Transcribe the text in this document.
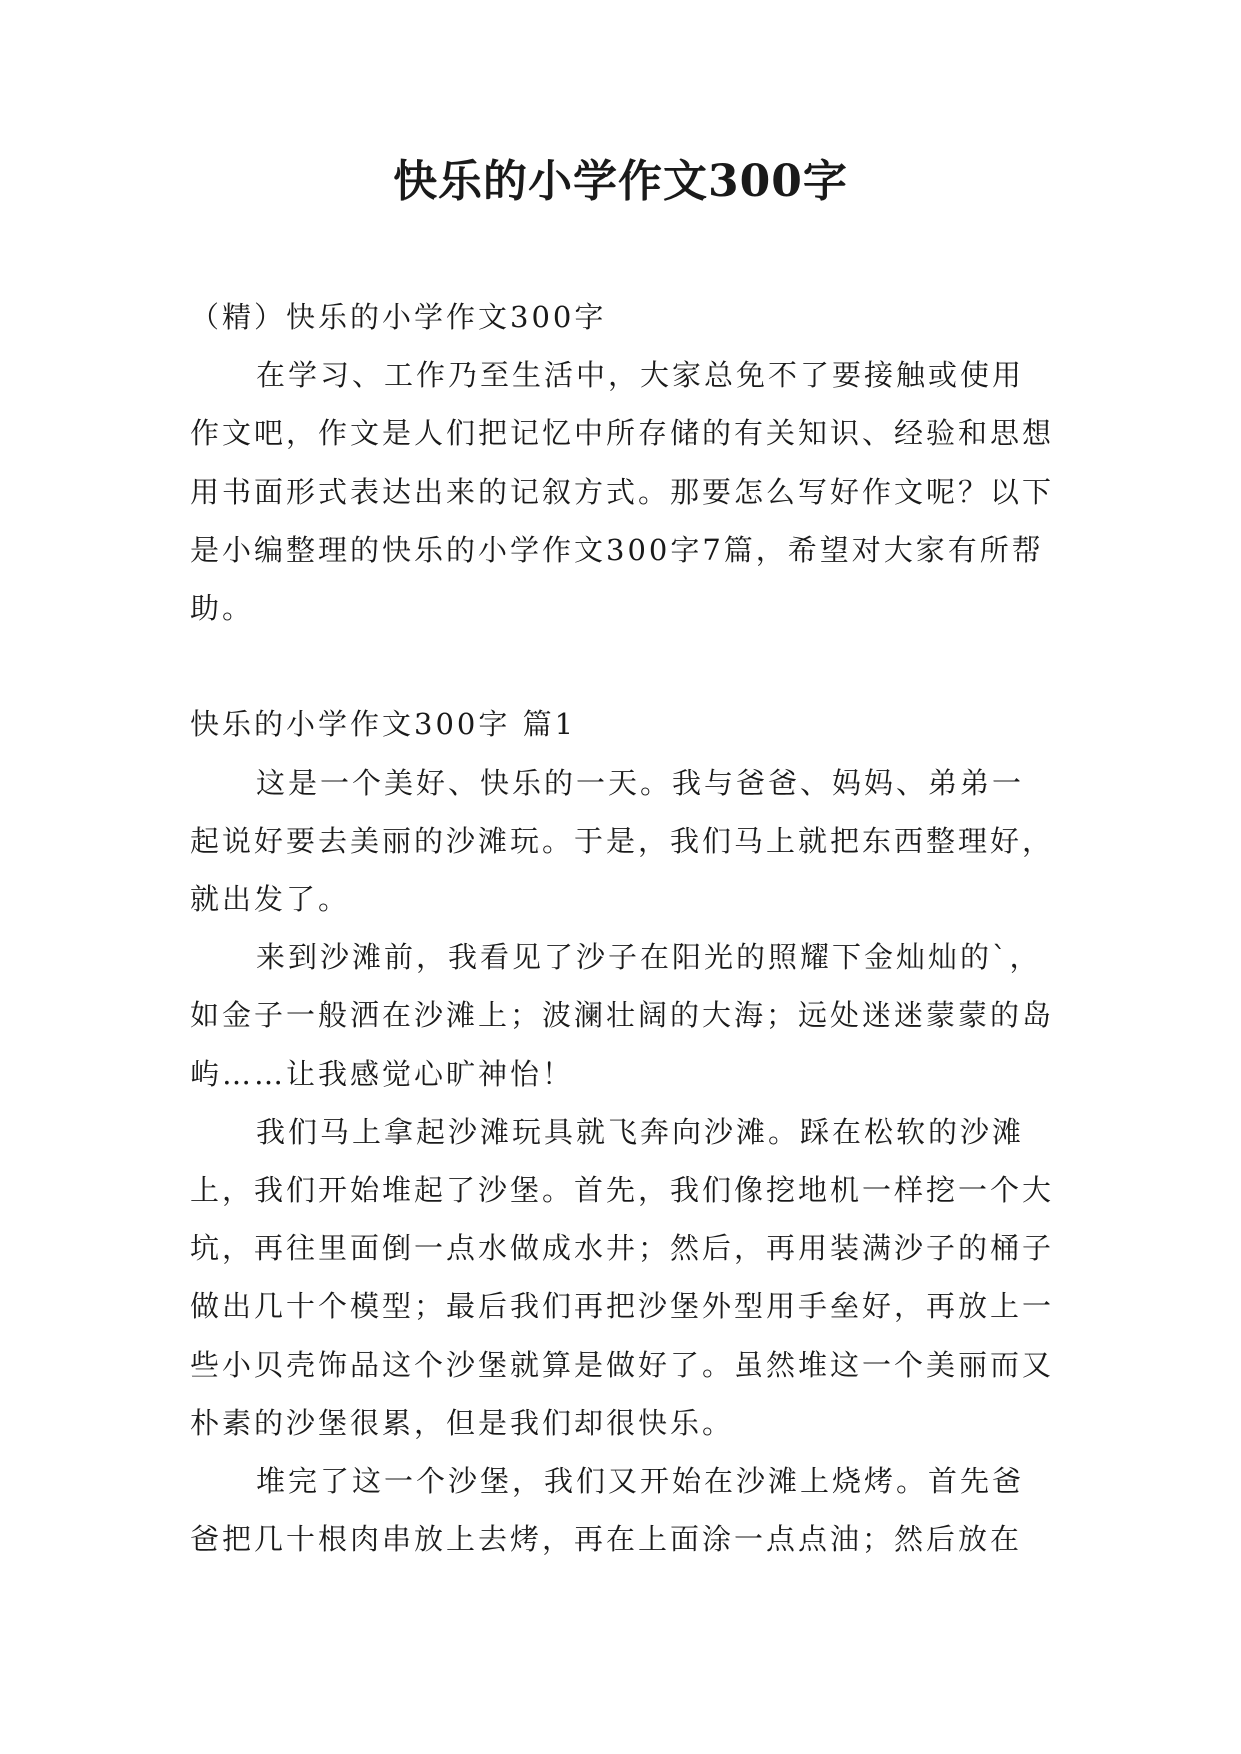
快乐的小学作文300字

（精）快乐的小学作文300字

在学习、工作乃至生活中，大家总免不了要接触或使用作文吧，作文是人们把记忆中所存储的有关知识、经验和思想用书面形式表达出来的记叙方式。那要怎么写好作文呢？以下是小编整理的快乐的小学作文300字7篇，希望对大家有所帮助。

快乐的小学作文300字 篇1

这是一个美好、快乐的一天。我与爸爸、妈妈、弟弟一起说好要去美丽的沙滩玩。于是，我们马上就把东西整理好，就出发了。

来到沙滩前，我看见了沙子在阳光的照耀下金灿灿的`，如金子一般洒在沙滩上；波澜壮阔的大海；远处迷迷蒙蒙的岛屿……让我感觉心旷神怡！

我们马上拿起沙滩玩具就飞奔向沙滩。踩在松软的沙滩上，我们开始堆起了沙堡。首先，我们像挖地机一样挖一个大坑，再往里面倒一点水做成水井；然后，再用装满沙子的桶子做出几十个模型；最后我们再把沙堡外型用手垒好，再放上一些小贝壳饰品这个沙堡就算是做好了。虽然堆这一个美丽而又朴素的沙堡很累，但是我们却很快乐。

堆完了这一个沙堡，我们又开始在沙滩上烧烤。首先爸爸把几十根肉串放上去烤，再在上面涂一点点油；然后放在
